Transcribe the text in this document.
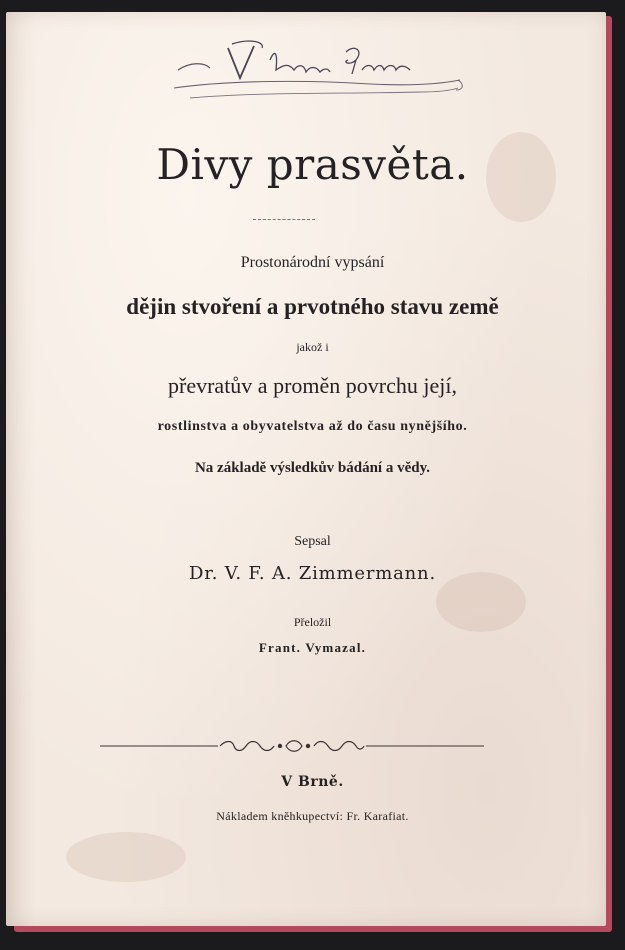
Divy prasvěta.
Prostonárodní vypsání
dějin stvoření a prvotného stavu země
jakož i
převratův a proměn povrchu její,
rostlinstva a obyvatelstva až do času nynějšího.
Na základě výsledkův bádání a vědy.
Sepsal
Dr. V. F. A. Zimmermann.
Přeložil
Frant. Vymazal.
V Brně.
Nákladem knĕhkupectví: Fr. Karafiat.
